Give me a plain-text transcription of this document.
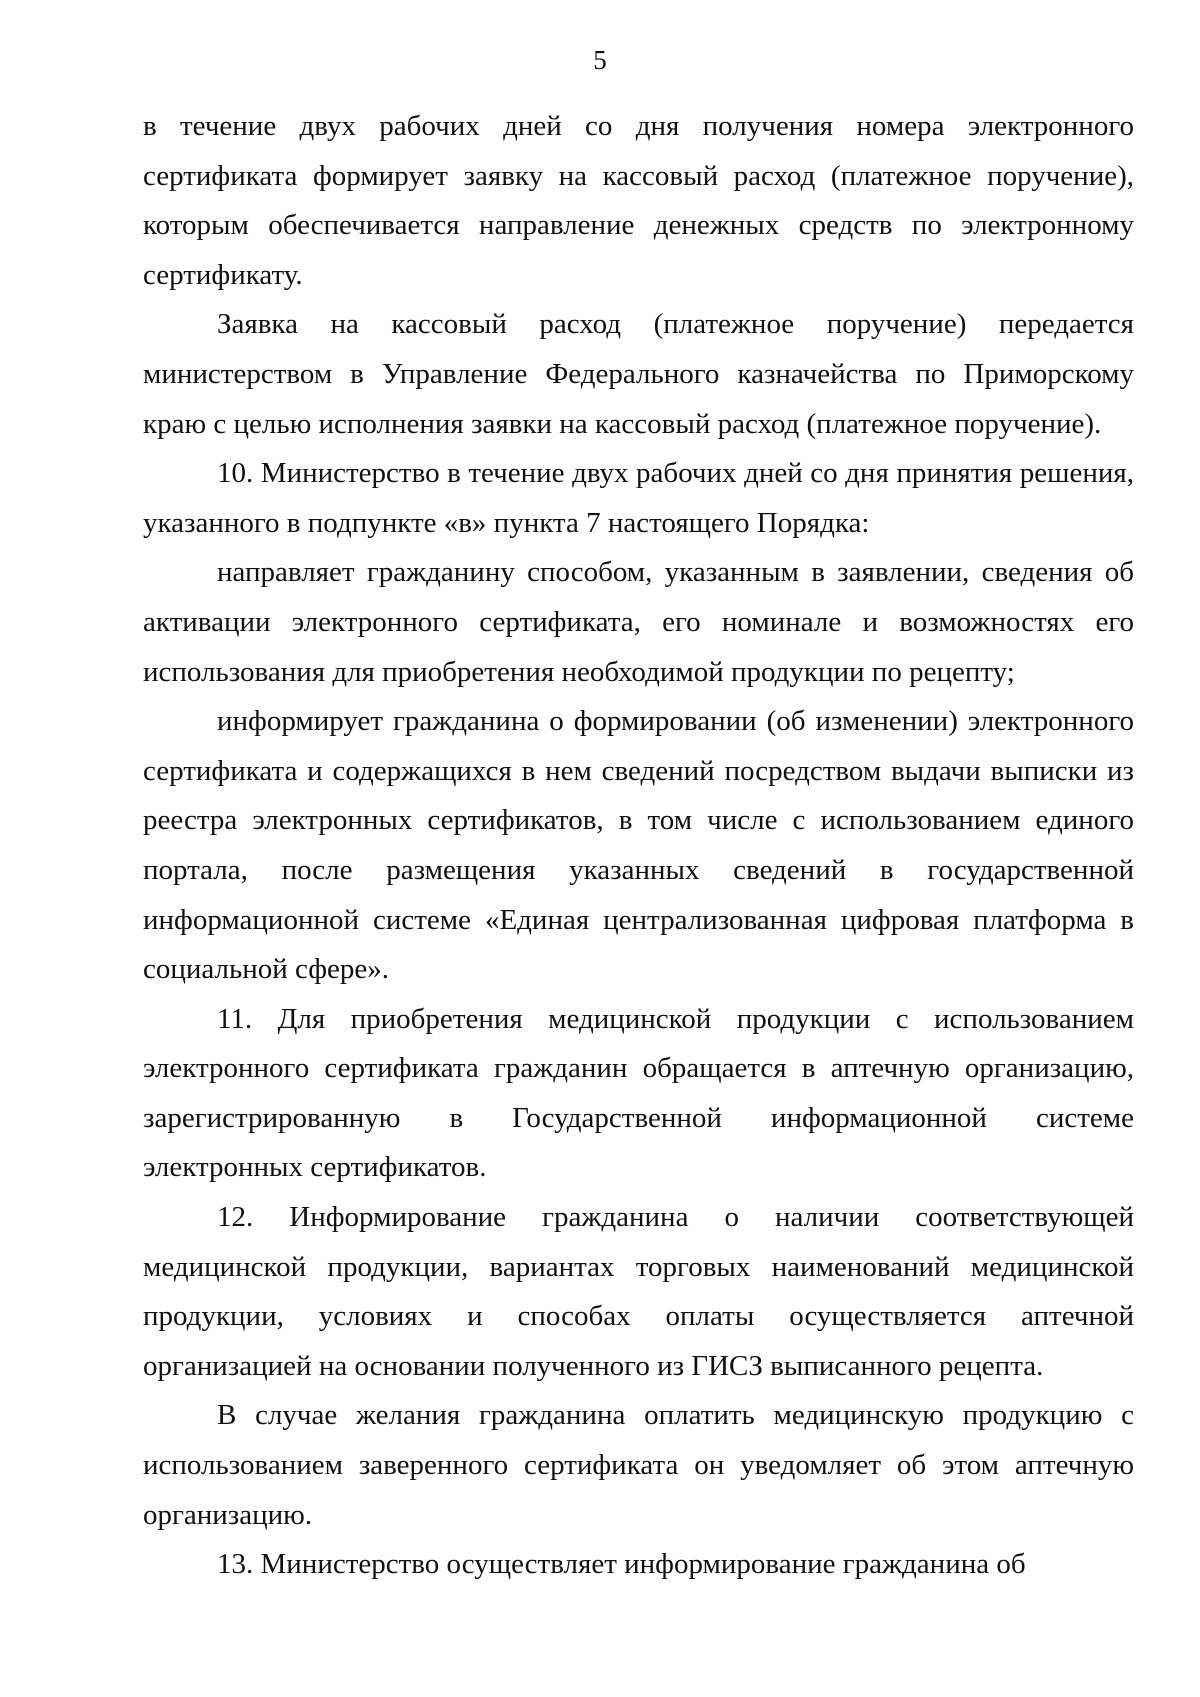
5

в течение двух рабочих дней со дня получения номера электронного сертификата формирует заявку на кассовый расход (платежное поручение), которым обеспечивается направление денежных средств по электронному сертификату.

Заявка на кассовый расход (платежное поручение) передается министерством в Управление Федерального казначейства по Приморскому краю с целью исполнения заявки на кассовый расход (платежное поручение).

10. Министерство в течение двух рабочих дней со дня принятия решения, указанного в подпункте «в» пункта 7 настоящего Порядка:

направляет гражданину способом, указанным в заявлении, сведения об активации электронного сертификата, его номинале и возможностях его использования для приобретения необходимой продукции по рецепту;

информирует гражданина о формировании (об изменении) электронного сертификата и содержащихся в нем сведений посредством выдачи выписки из реестра электронных сертификатов, в том числе с использованием единого портала, после размещения указанных сведений в государственной информационной системе «Единая централизованная цифровая платформа в социальной сфере».

11. Для приобретения медицинской продукции с использованием электронного сертификата гражданин обращается в аптечную организацию, зарегистрированную в Государственной информационной системе электронных сертификатов.

12. Информирование гражданина о наличии соответствующей медицинской продукции, вариантах торговых наименований медицинской продукции, условиях и способах оплаты осуществляется аптечной организацией на основании полученного из ГИСЗ выписанного рецепта.

В случае желания гражданина оплатить медицинскую продукцию с использованием заверенного сертификата он уведомляет об этом аптечную организацию.

13. Министерство осуществляет информирование гражданина об
